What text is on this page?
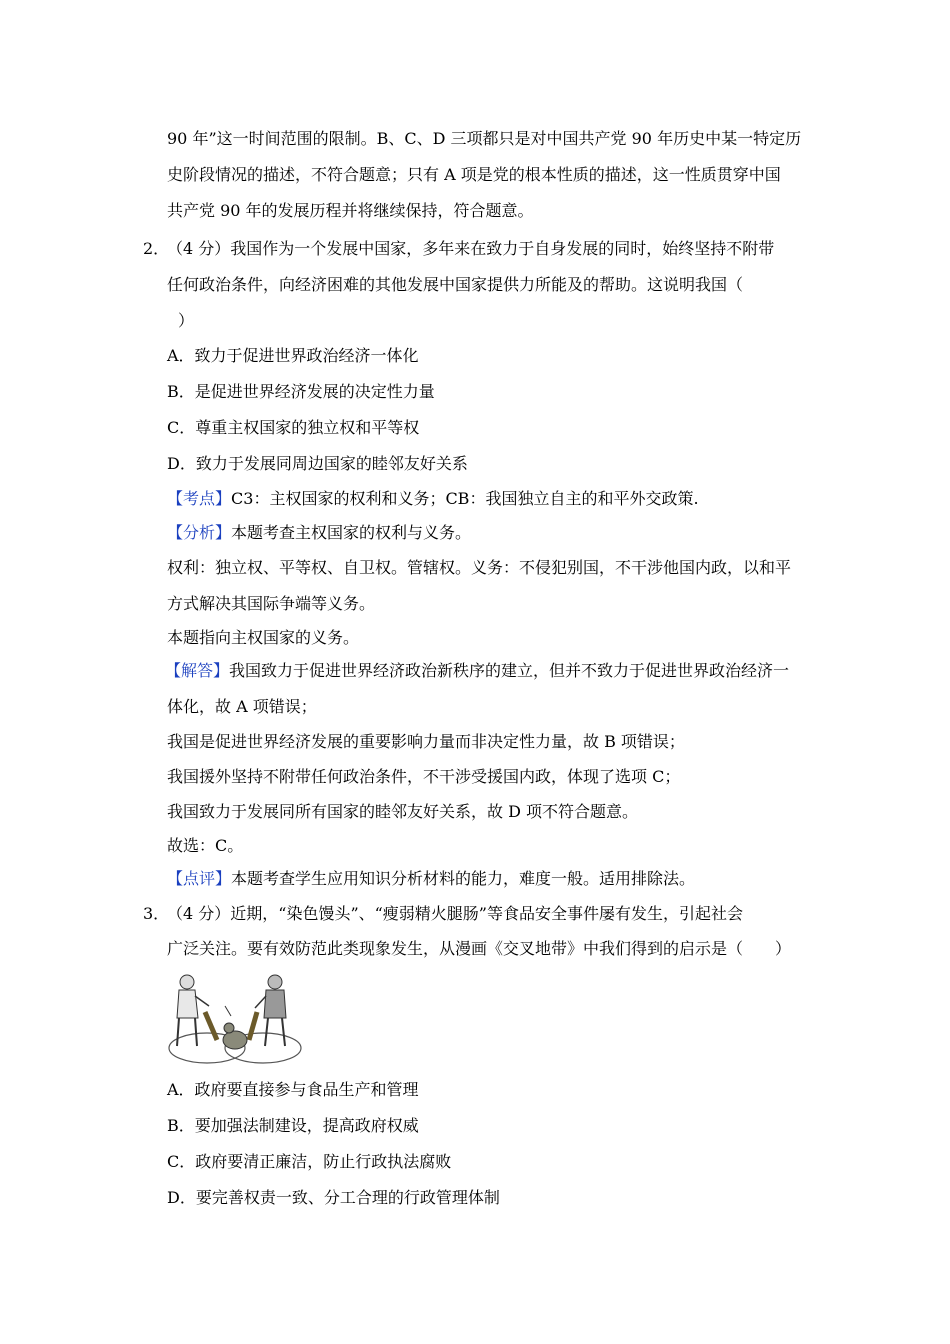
90 年”这一时间范围的限制。B、C、D 三项都只是对中国共产党 90 年历史中某一特定历
史阶段情况的描述，不符合题意；只有 A 项是党的根本性质的描述，这一性质贯穿中国
共产党 90 年的发展历程并将继续保持，符合题意。
2．
（4 分）我国作为一个发展中国家，多年来在致力于自身发展的同时，始终坚持不附带
任何政治条件，向经济困难的其他发展中国家提供力所能及的帮助。这说明我国（
）
A．致力于促进世界政治经济一体化
B．是促进世界经济发展的决定性力量
C．尊重主权国家的独立权和平等权
D．致力于发展同周边国家的睦邻友好关系
【考点】C3：主权国家的权利和义务；CB：我国独立自主的和平外交政策.
【分析】本题考查主权国家的权利与义务。
权利：独立权、平等权、自卫权。管辖权。义务：不侵犯别国，不干涉他国内政，以和平
方式解决其国际争端等义务。
本题指向主权国家的义务。
【解答】我国致力于促进世界经济政治新秩序的建立，但并不致力于促进世界政治经济一
体化，故 A 项错误；
我国是促进世界经济发展的重要影响力量而非决定性力量，故 B 项错误；
我国援外坚持不附带任何政治条件，不干涉受援国内政，体现了选项 C；
我国致力于发展同所有国家的睦邻友好关系，故 D 项不符合题意。
故选：C。
【点评】本题考查学生应用知识分析材料的能力，难度一般。适用排除法。
3．
（4 分）近期，“染色馒头”、“瘦弱精火腿肠”等食品安全事件屡有发生，引起社会
广泛关注。要有效防范此类现象发生，从漫画《交叉地带》中我们得到的启示是（　　）
A．政府要直接参与食品生产和管理
B．要加强法制建设，提高政府权威
C．政府要清正廉洁，防止行政执法腐败
D．要完善权责一致、分工合理的行政管理体制
